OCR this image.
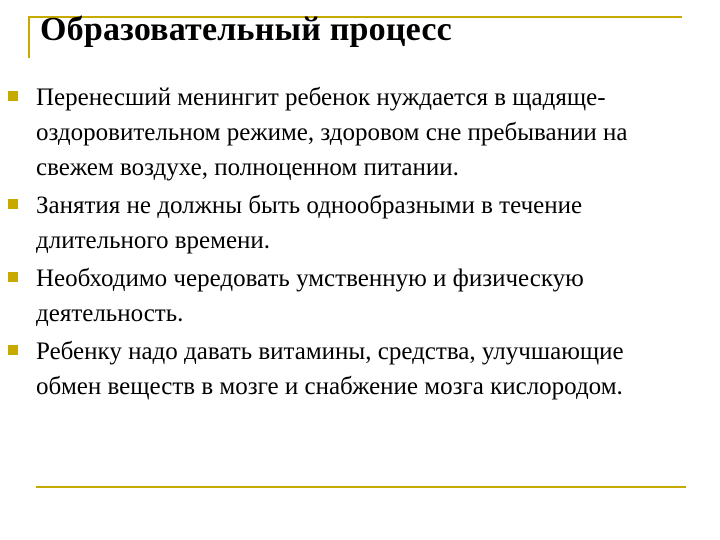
Образовательный процесс
Перенесший менингит ребенок нуждается в щадяще-оздоровительном режиме, здоровом сне пребывании на свежем воздухе, полноценном питании.
Занятия не должны быть однообразными в течение длительного времени.
Необходимо чередовать умственную и физическую деятельность.
Ребенку надо давать витамины, средства, улучшающие обмен веществ в мозге и снабжение мозга кислородом.
